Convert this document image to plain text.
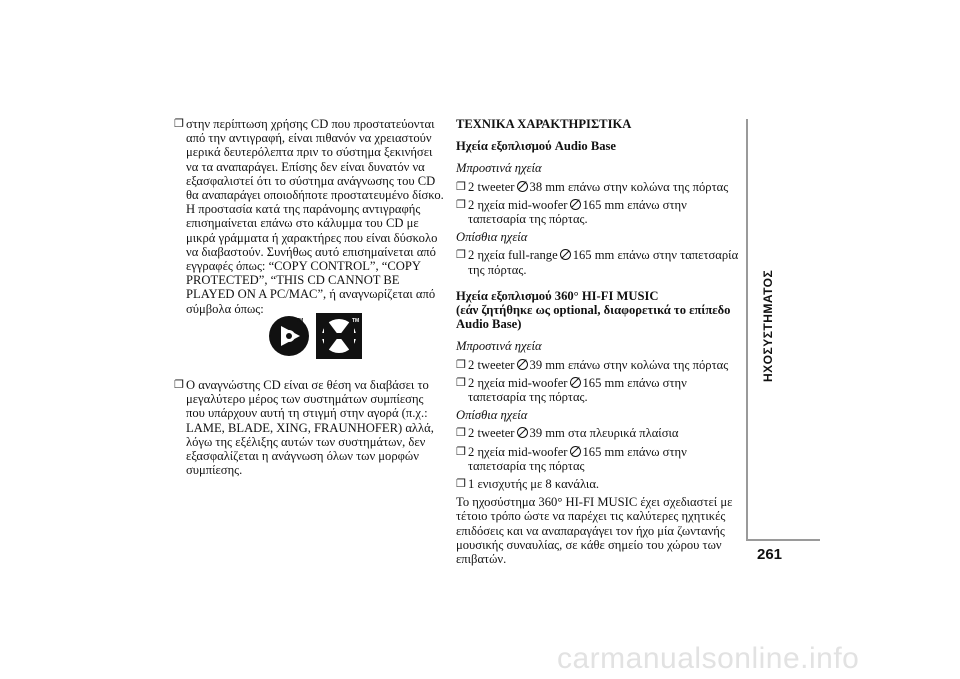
❐ στην περίπτωση χρήσης CD που προστατεύονται από την αντιγραφή, είναι πιθανόν να χρειαστούν μερικά δευτερόλεπτα πριν το σύστημα ξεκινήσει να τα αναπαράγει. Επίσης δεν είναι δυνατόν να εξασφαλιστεί ότι το σύστημα ανάγνωσης του CD θα αναπαράγει οποιοδήποτε προστατευμένο δίσκο. Η προστασία κατά της παράνομης αντιγραφής επισημαίνεται επάνω στο κάλυμμα του CD με μικρά γράμματα ή χαρακτήρες που είναι δύσκολο να διαβαστούν. Συνήθως αυτό επισημαίνεται από εγγραφές όπως: “COPY CONTROL”, “COPY PROTECTED”, “THIS CD CANNOT BE PLAYED ON A PC/MAC”, ή αναγνωρίζεται από σύμβολα όπως:
TM	TM
❐ Ο αναγνώστης CD είναι σε θέση να διαβάσει το μεγαλύτερο μέρος των συστημάτων συμπίεσης που υπάρχουν αυτή τη στιγμή στην αγορά (π.χ.: LAME, BLADE, XING, FRAUNHOFER) αλλά, λόγω της εξέλιξης αυτών των συστημάτων, δεν εξασφαλίζεται η ανάγνωση όλων των μορφών συμπίεσης.

ΤΕΧΝΙΚΑ ΧΑΡΑΚΤΗΡΙΣΤΙΚΑ

Ηχεία εξοπλισμού Audio Base

Μπροστινά ηχεία

❐ 2 tweeter 38 mm επάνω στην κολώνα της πόρτας
❐ 2 ηχεία mid-woofer 165 mm επάνω στην ταπετσαρία της πόρτας.

Οπίσθια ηχεία

❐ 2 ηχεία full-range 165 mm επάνω στην ταπετσαρία της πόρτας.

Ηχεία εξοπλισμού 360° HI-FI MUSIC

(εάν ζητήθηκε ως optional, διαφορετικά το επίπεδο Audio Base)

Μπροστινά ηχεία

❐ 2 tweeter 39 mm επάνω στην κολώνα της πόρτας
❐ 2 ηχεία mid-woofer 165 mm επάνω στην ταπετσαρία της πόρτας.

Οπίσθια ηχεία

❐ 2 tweeter 39 mm στα πλευρικά πλαίσια
❐ 2 ηχεία mid-woofer 165 mm επάνω στην ταπετσαρία της πόρτας
❐ 1 ενισχυτής με 8 κανάλια.

Το ηχοσύστημα 360° HI-FI MUSIC έχει σχεδιαστεί με τέτοιο τρόπο ώστε να παρέχει τις καλύτερες ηχητικές επιδόσεις και να αναπαραγάγει τον ήχο μία ζωντανής μουσικής συναυλίας, σε κάθε σημείο του χώρου των επιβατών.

ΗΧΟΣΥΣΤΗΜΑΤΟΣ
261
carmanualsonline.info
